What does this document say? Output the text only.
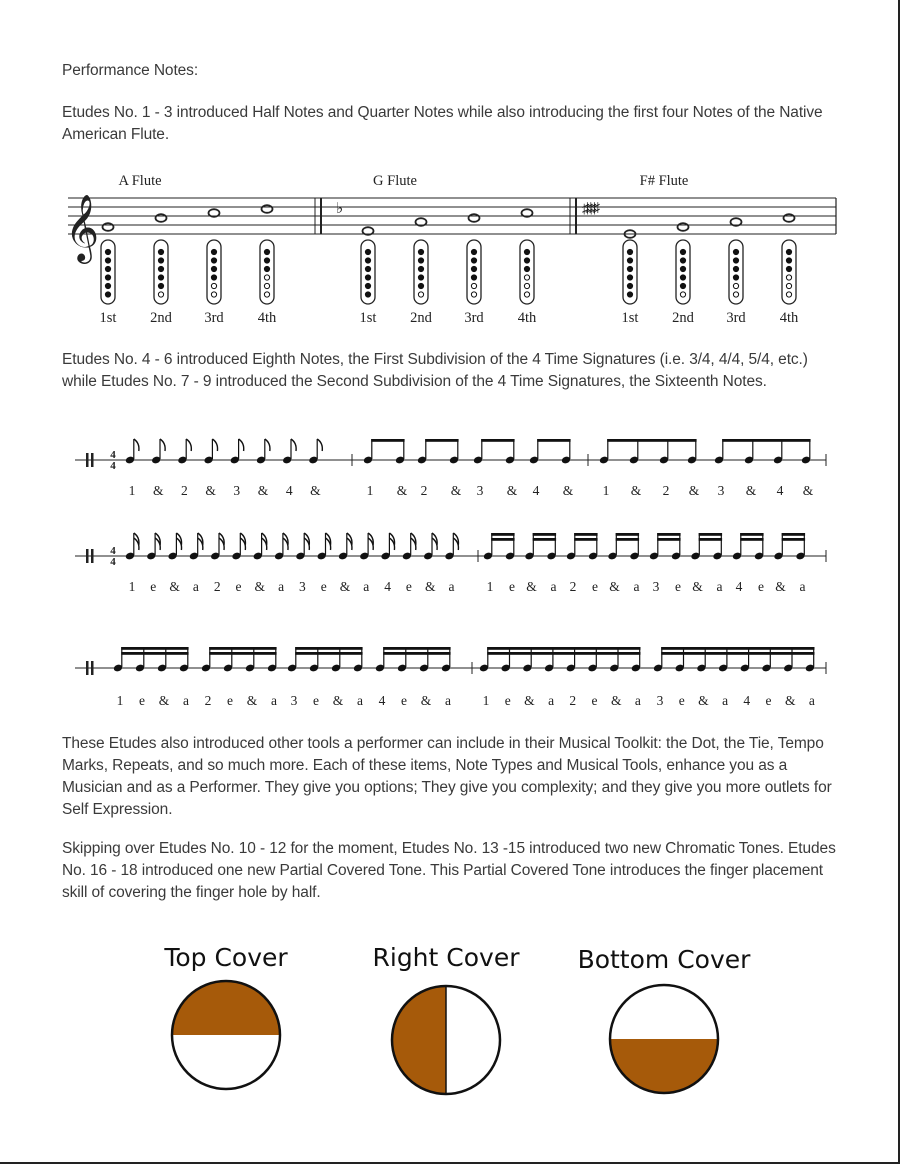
Performance Notes:

Etudes No. 1 - 3 introduced Half Notes and Quarter Notes while also introducing the first four Notes of the Native American Flute.

Etudes No. 4 - 6 introduced Eighth Notes, the First Subdivision of the 4 Time Signatures (i.e. 3/4, 4/4, 5/4, etc.) while Etudes No. 7 - 9 introduced the Second Subdivision of the 4 Time Signatures, the Sixteenth Notes.

These Etudes also introduced other tools a performer can include in their Musical Toolkit: the Dot, the Tie, Tempo Marks, Repeats, and so much more. Each of these items, Note Types and Musical Tools, enhance you as a Musician and as a Performer. They give you options; They give you complexity; and they give you more outlets for Self Expression.

Skipping over Etudes No. 10 - 12 for the moment, Etudes No. 13 -15 introduced two new Chromatic Tones. Etudes No. 16 - 18 introduced one new Partial Covered Tone. This Partial Covered Tone introduces the finger placement skill of covering the finger hole by half.

𝄞
A Flute
1st 2nd 3rd 4th
G Flute
♭
1st 2nd 3rd 4th
F# Flute
♯♯♯♯
1st 2nd 3rd 4th
4
4
1 & 2 & 3 & 4 &	1 & 2 & 3 & 4 & 1 & 2 & 3 & 4 &
4
4
1 e & a 2 e & a 3 e & a 4 e & a 1 e & a 2 e & a 3 e & a 4 e & a
1 e & a 2 e & a 3 e & a 4 e & a 1 e & a 2 e & a 3 e & a 4 e & a
Top Cover	Right Cover Bottom Cover
